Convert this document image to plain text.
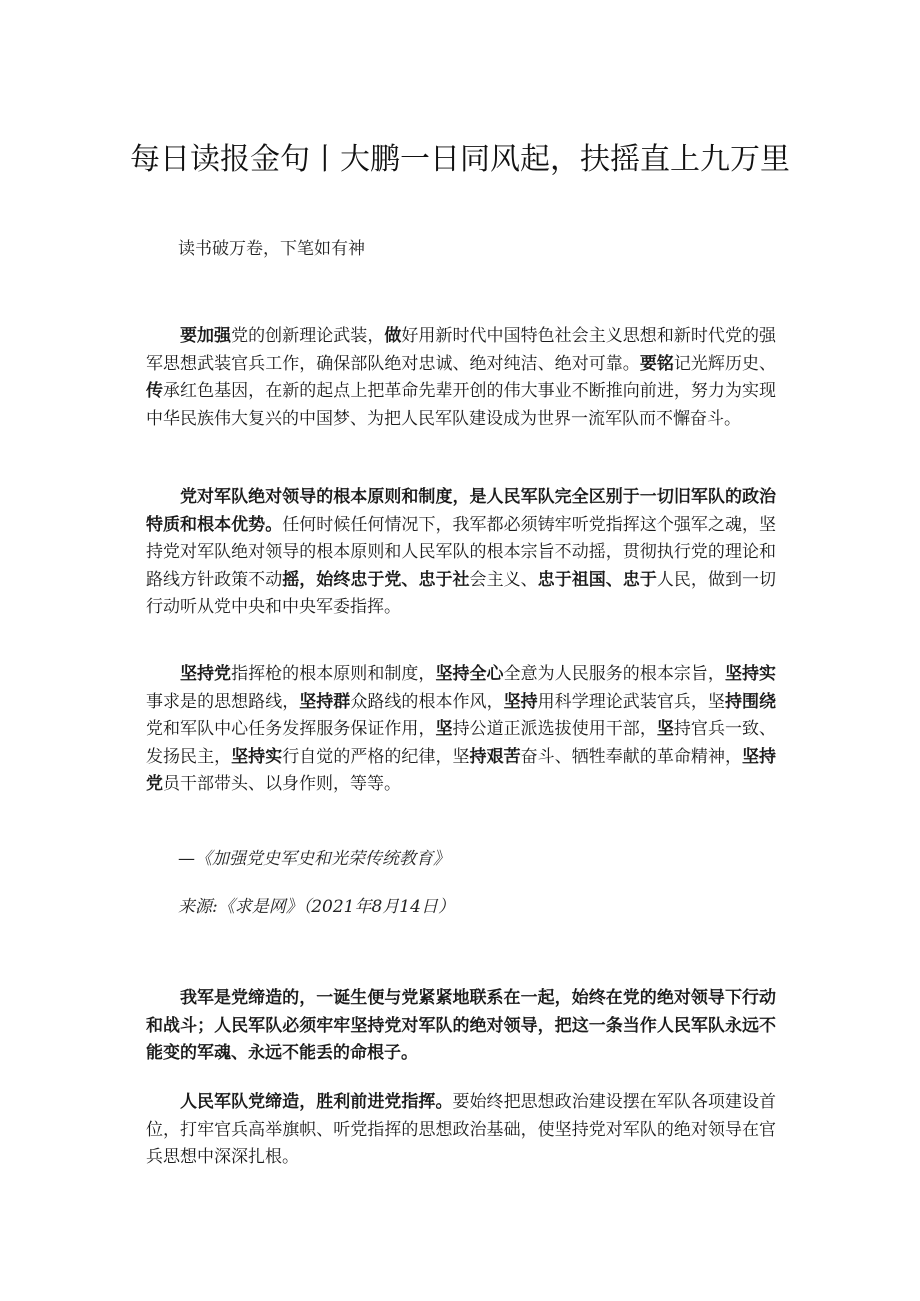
每日读报金句丨大鹏一日同风起，扶摇直上九万里
读书破万卷，下笔如有神

要加强党的创新理论武装，做好用新时代中国特色社会主义思想和新时代党的强军思想武装官兵工作，确保部队绝对忠诚、绝对纯洁、绝对可靠。要铭记光辉历史、传承红色基因，在新的起点上把革命先辈开创的伟大事业不断推向前进，努力为实现中华民族伟大复兴的中国梦、为把人民军队建设成为世界一流军队而不懈奋斗。

党对军队绝对领导的根本原则和制度，是人民军队完全区别于一切旧军队的政治特质和根本优势。任何时候任何情况下，我军都必须铸牢听党指挥这个强军之魂，坚持党对军队绝对领导的根本原则和人民军队的根本宗旨不动摇，贯彻执行党的理论和路线方针政策不动摇，始终忠于党、忠于社会主义、忠于祖国、忠于人民，做到一切行动听从党中央和中央军委指挥。

坚持党指挥枪的根本原则和制度，坚持全心全意为人民服务的根本宗旨，坚持实事求是的思想路线，坚持群众路线的根本作风，坚持用科学理论武装官兵，坚持围绕党和军队中心任务发挥服务保证作用，坚持公道正派选拔使用干部，坚持官兵一致、发扬民主，坚持实行自觉的严格的纪律，坚持艰苦奋斗、牺牲奉献的革命精神，坚持党员干部带头、以身作则，等等。

—《加强党史军史和光荣传统教育》

来源:《求是网》（2021年8月14日）

我军是党缔造的，一诞生便与党紧紧地联系在一起，始终在党的绝对领导下行动和战斗；人民军队必须牢牢坚持党对军队的绝对领导，把这一条当作人民军队永远不能变的军魂、永远不能丢的命根子。

人民军队党缔造，胜利前进党指挥。要始终把思想政治建设摆在军队各项建设首位，打牢官兵高举旗帜、听党指挥的思想政治基础，使坚持党对军队的绝对领导在官兵思想中深深扎根。
